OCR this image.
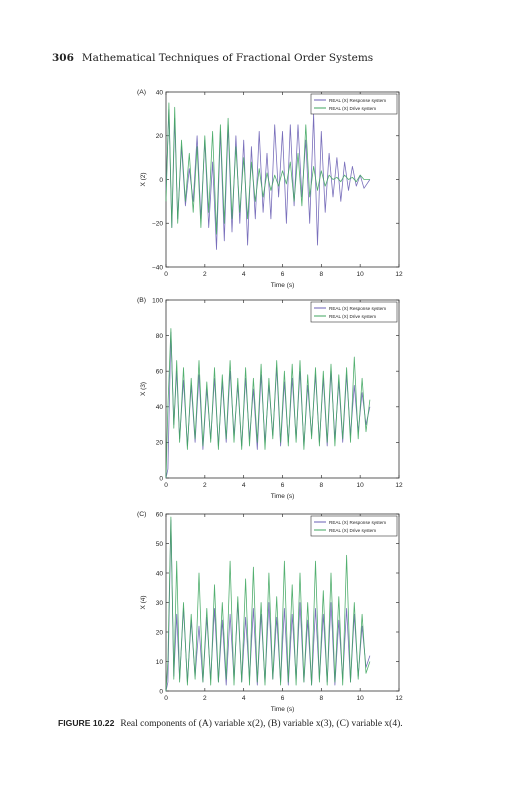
306 Mathematical Techniques of Fractional Order Systems
0	2	4	6	8	10	12
−40
−20
0
20
40
(A)
Time (s)
X (2)
REAL (X) Response system
REAL (X) Drive system
0	2	4	6	8	10	12
0
20
40
60
80
100
(B)
Time (s)
X (3)
REAL (X) Response system
REAL (X) Drive system
0	2	4	6	8	10	12
0
10
20
30
40
50
60
(C)
Time (s)
X (4)
REAL (X) Response system
REAL (X) Drive system
FIGURE 10.22 Real components of (A) variable x(2), (B) variable x(3), (C) variable x(4).
